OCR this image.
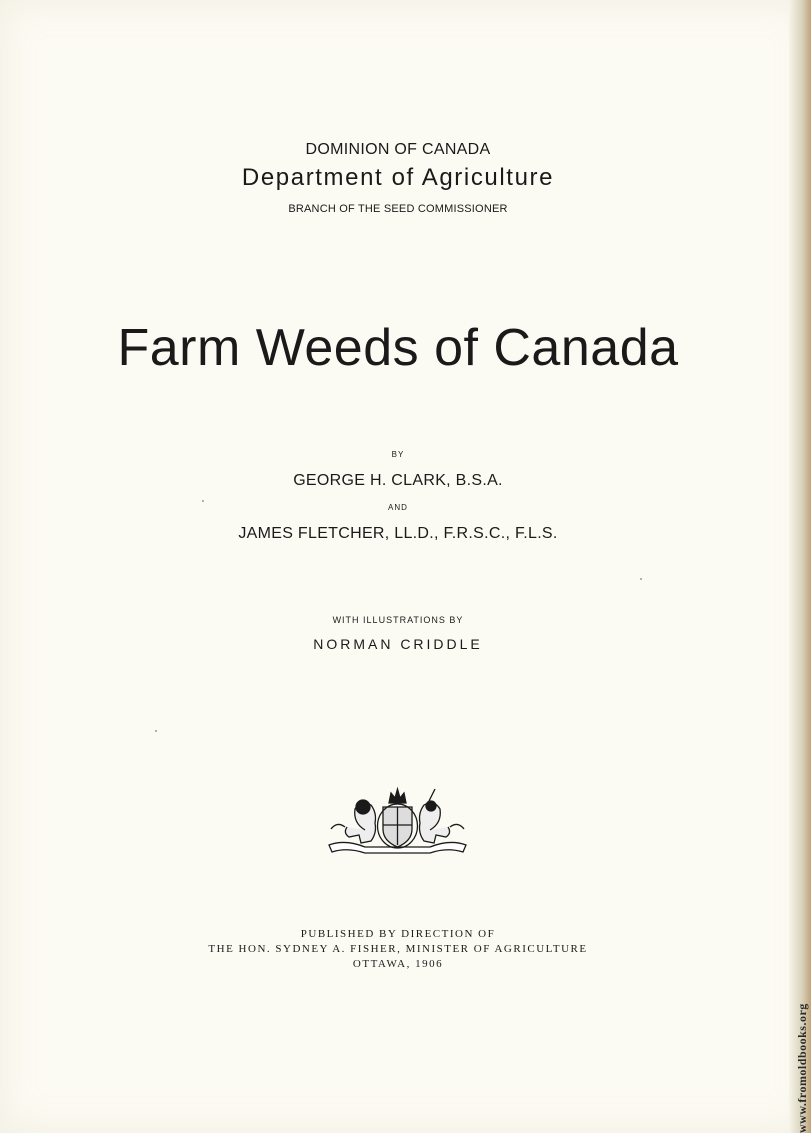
DOMINION OF CANADA
Department of Agriculture
BRANCH OF THE SEED COMMISSIONER
Farm Weeds of Canada
BY
GEORGE H. CLARK, B.S.A.
AND
JAMES FLETCHER, LL.D., F.R.S.C., F.L.S.
WITH ILLUSTRATIONS BY
NORMAN CRIDDLE
PUBLISHED BY DIRECTION OF
THE HON. SYDNEY A. FISHER, MINISTER OF AGRICULTURE
OTTAWA, 1906
www.fromoldbooks.org
